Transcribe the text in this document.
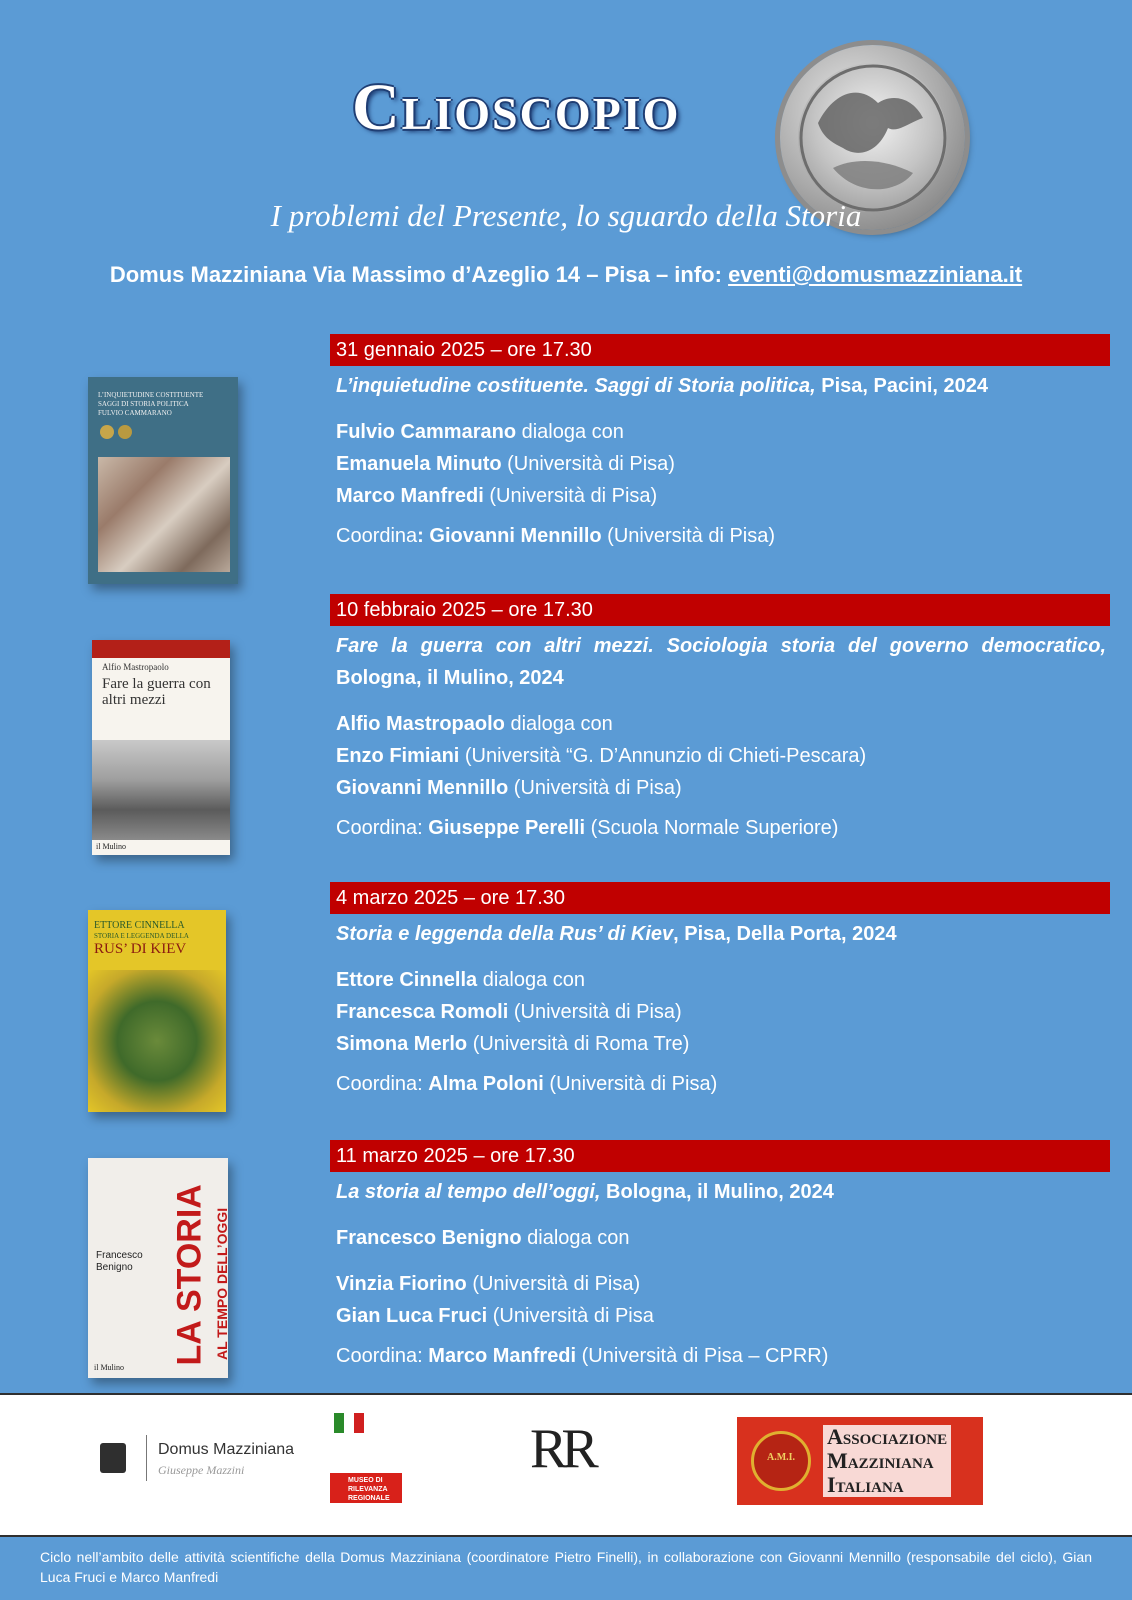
Clioscopio
I problemi del Presente, lo sguardo della Storia
Domus Mazziniana Via Massimo d’Azeglio 14 – Pisa – info: eventi@domusmazziniana.it
31 gennaio 2025 – ore 17.30
L’inquietudine costituente. Saggi di Storia politica, Pisa, Pacini, 2024
Fulvio Cammarano dialoga con
Emanuela Minuto (Università di Pisa)
Marco Manfredi (Università di Pisa)
Coordina: Giovanni Mennillo (Università di Pisa)
L’INQUIETUDINE COSTITUENTE
SAGGI DI STORIA POLITICA
FULVIO CAMMARANO
10 febbraio 2025 – ore 17.30
Fare la guerra con altri mezzi. Sociologia storia del governo democratico, Bologna, il Mulino, 2024
Alfio Mastropaolo dialoga con
Enzo Fimiani (Università “G. D’Annunzio di Chieti-Pescara)
Giovanni Mennillo (Università di Pisa)
Coordina: Giuseppe Perelli (Scuola Normale Superiore)
Alfio Mastropaolo
Fare la guerra con altri mezzi
il Mulino
4 marzo 2025 – ore 17.30
Storia e leggenda della Rus’ di Kiev, Pisa, Della Porta, 2024
Ettore Cinnella dialoga con
Francesca Romoli (Università di Pisa)
Simona Merlo (Università di Roma Tre)
Coordina: Alma Poloni (Università di Pisa)
ETTORE CINNELLA
STORIA E LEGGENDA DELLA
RUS’ DI KIEV
11 marzo 2025 – ore 17.30
La storia al tempo dell’oggi, Bologna, il Mulino, 2024
Francesco Benigno dialoga con
Vinzia Fiorino (Università di Pisa)
Gian Luca Fruci (Università di Pisa
Coordina: Marco Manfredi (Università di Pisa – CPRR)
Francesco Benigno	LA STORIA AL TEMPO DELL’OGGI
il Mulino
Domus Mazziniana
Giuseppe Mazzini
MUSEO DI RILEVANZA REGIONALE
RR	A.M.I.
Associazione
Mazziniana
Italiana
Ciclo nell’ambito delle attività scientifiche della Domus Mazziniana (coordinatore Pietro Finelli), in collaborazione con Giovanni Mennillo (responsabile del ciclo), Gian Luca Fruci e Marco Manfredi
